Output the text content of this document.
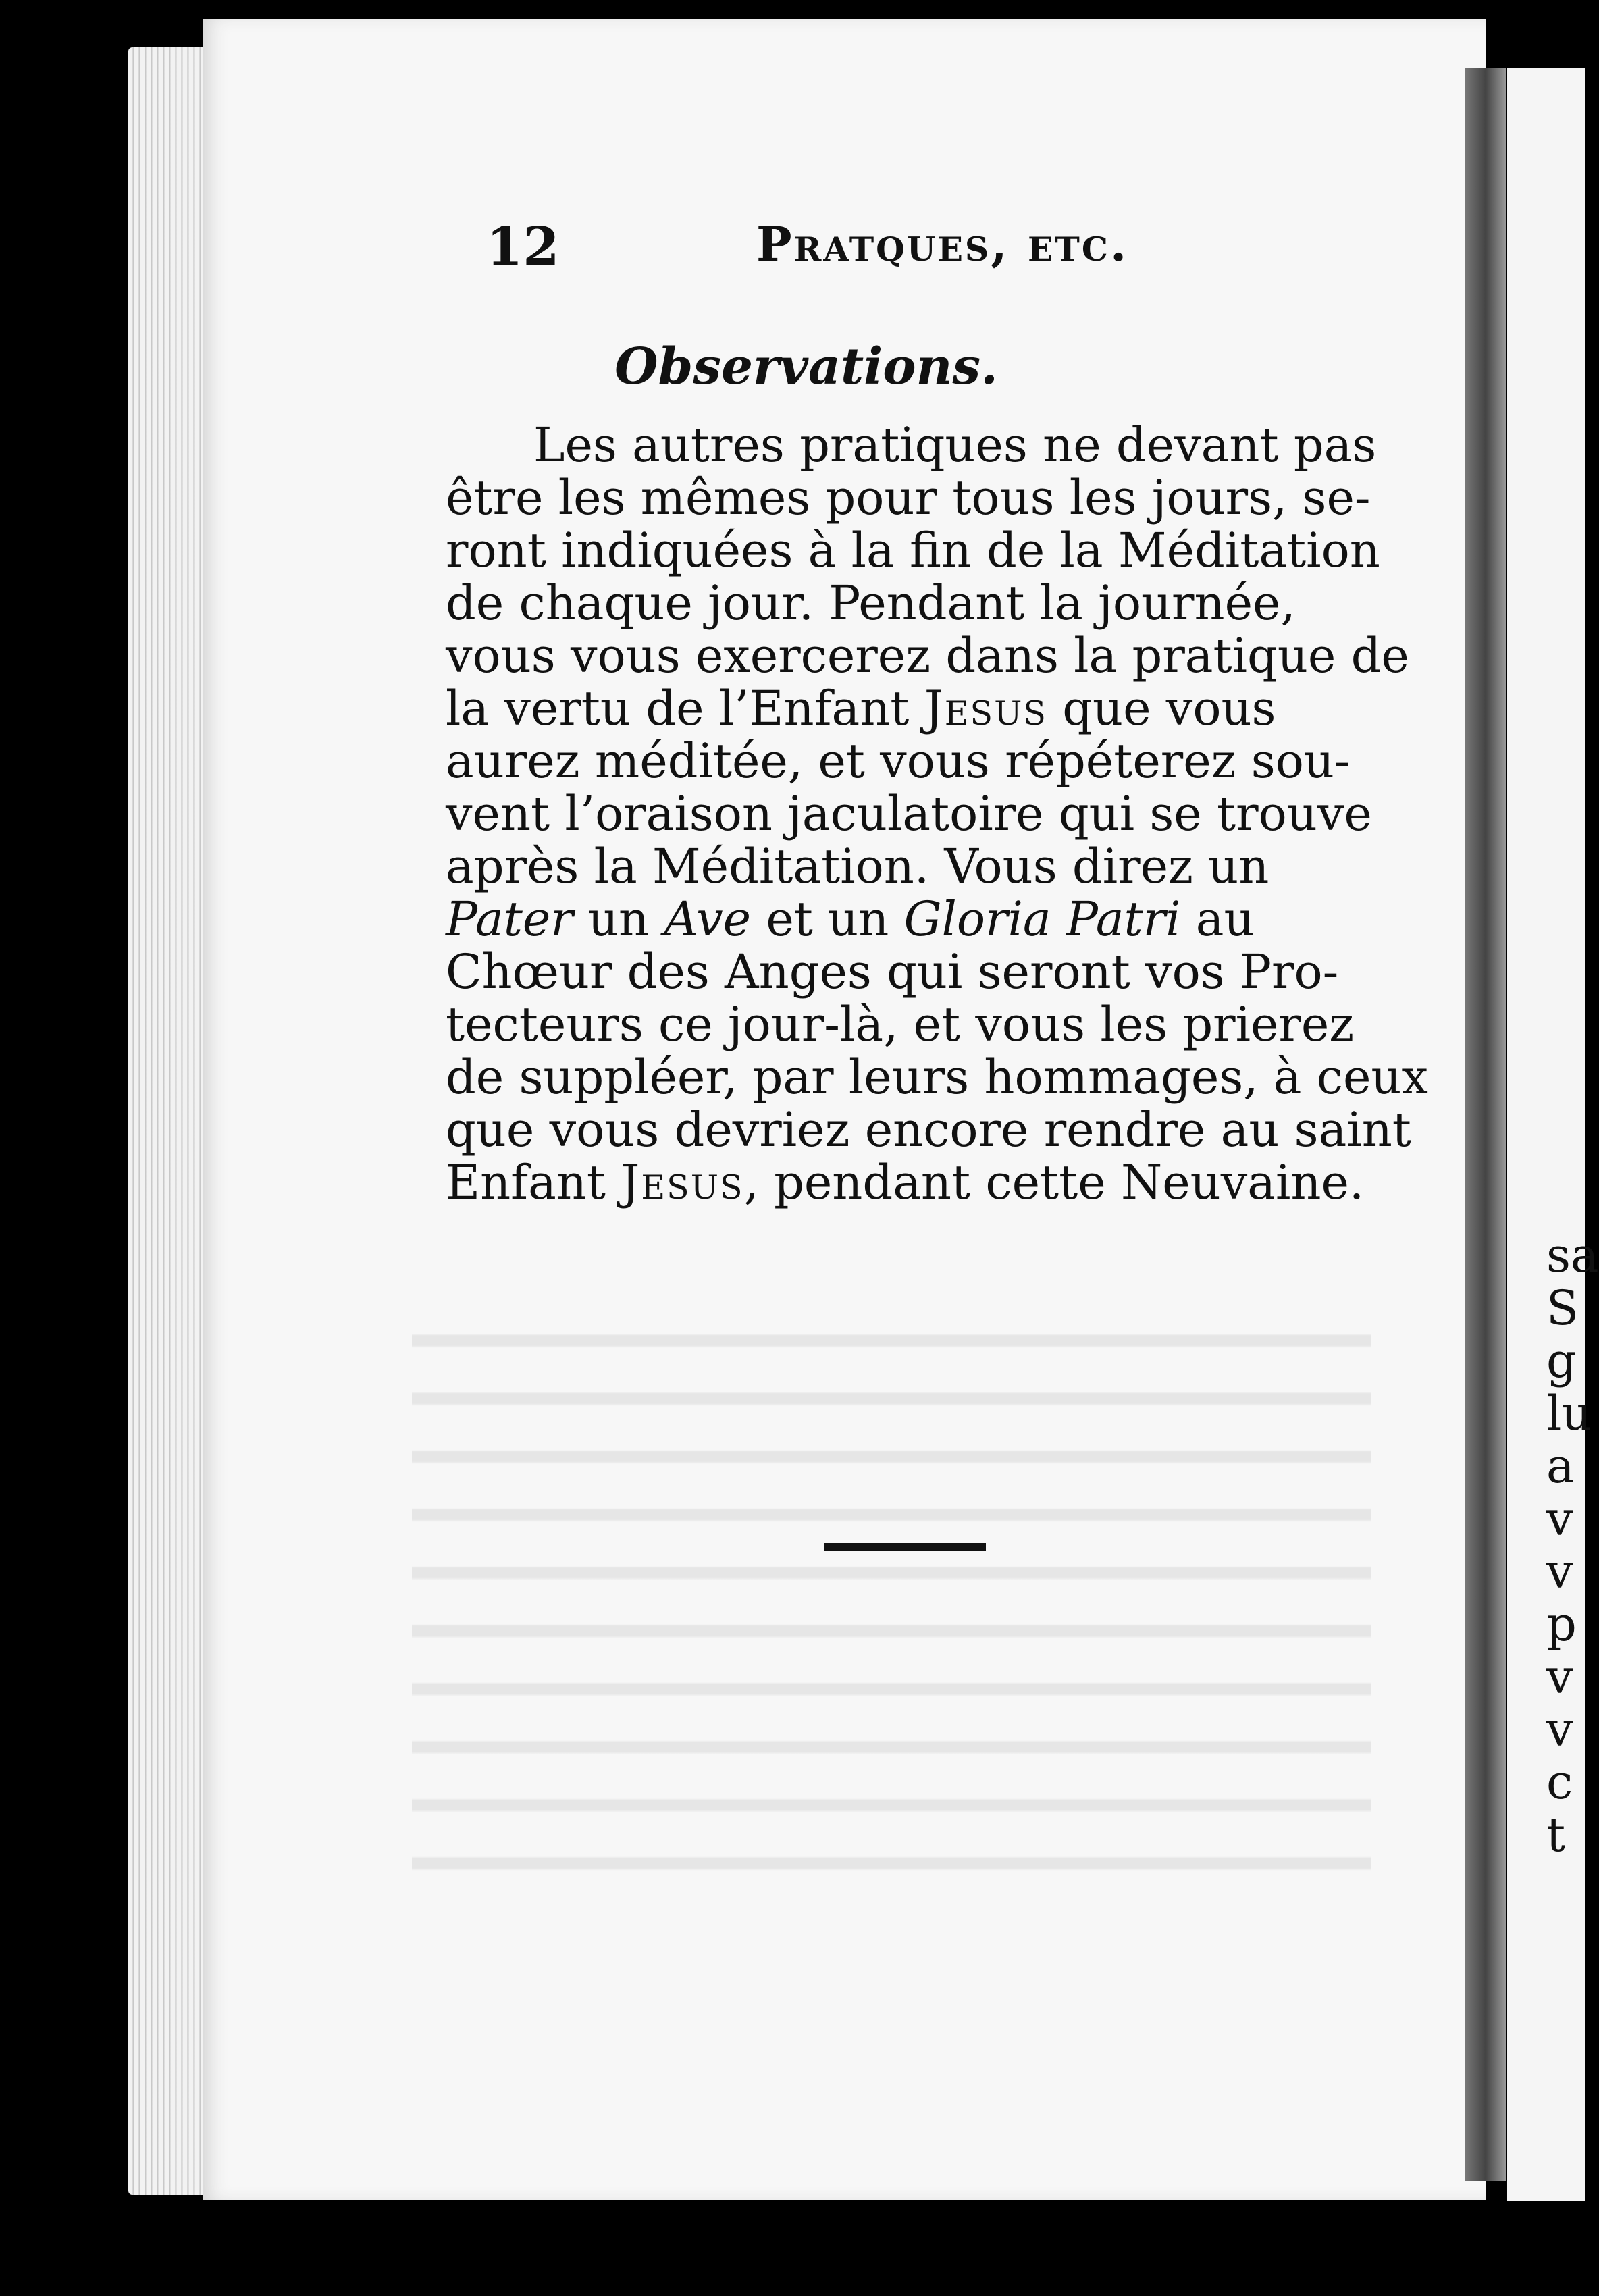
12	Pratques, etc.
Observations.
Les autres pratiques ne devant pas
être les mêmes pour tous les jours, se-
ront indiquées à la fin de la Méditation
de chaque jour. Pendant la journée,
vous vous exercerez dans la pratique de
la vertu de l’Enfant Jesus que vous
aurez méditée, et vous répéterez sou-
vent l’oraison jaculatoire qui se trouve
après la Méditation. Vous direz un
Pater un Ave et un Gloria Patri au
Chœur des Anges qui seront vos Pro-
tecteurs ce jour-là, et vous les prierez
de suppléer, par leurs hommages, à ceux
que vous devriez encore rendre au saint
Enfant Jesus, pendant cette Neuvaine.
sa
S
g
lu
a
v
v
p
v
v
c
t
